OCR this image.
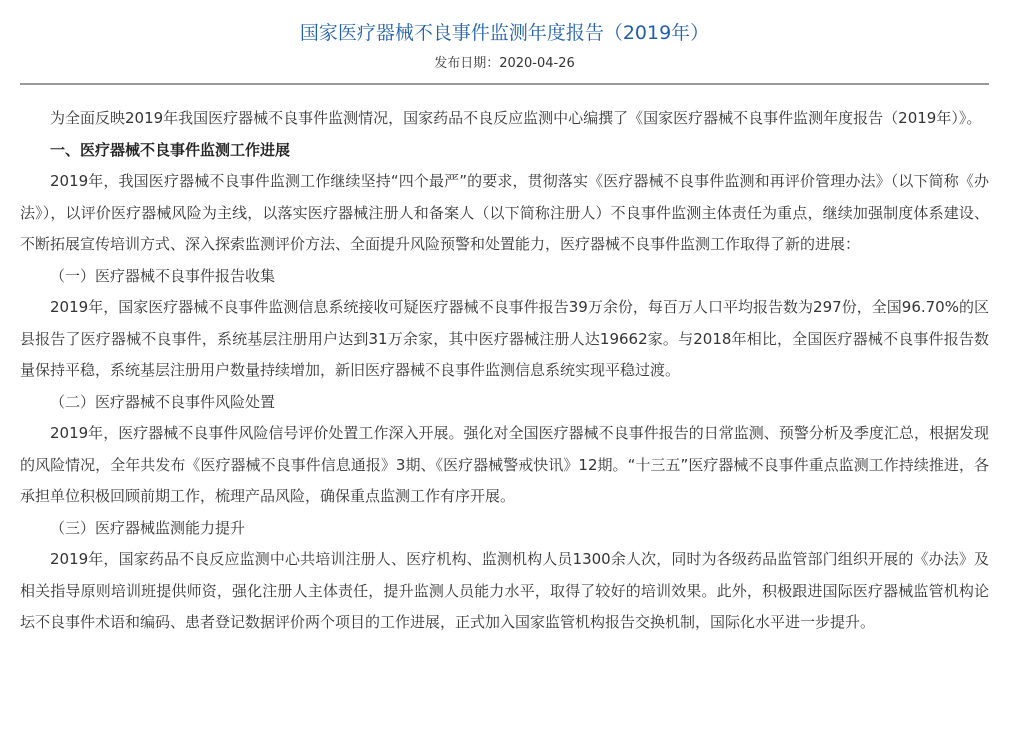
国家医疗器械不良事件监测年度报告（2019年）
发布日期：2020-04-26

为全面反映2019年我国医疗器械不良事件监测情况，国家药品不良反应监测中心编撰了《国家医疗器械不良事件监测年度报告（2019年）》。

一、医疗器械不良事件监测工作进展

2019年，我国医疗器械不良事件监测工作继续坚持“四个最严”的要求，贯彻落实《医疗器械不良事件监测和再评价管理办法》（以下简称《办法》），以评价医疗器械风险为主线，以落实医疗器械注册人和备案人（以下简称注册人）不良事件监测主体责任为重点，继续加强制度体系建设、不断拓展宣传培训方式、深入探索监测评价方法、全面提升风险预警和处置能力，医疗器械不良事件监测工作取得了新的进展：

（一）医疗器械不良事件报告收集

2019年，国家医疗器械不良事件监测信息系统接收可疑医疗器械不良事件报告39万余份，每百万人口平均报告数为297份，全国96.70%的区县报告了医疗器械不良事件，系统基层注册用户达到31万余家，其中医疗器械注册人达19662家。与2018年相比，全国医疗器械不良事件报告数量保持平稳，系统基层注册用户数量持续增加，新旧医疗器械不良事件监测信息系统实现平稳过渡。

（二）医疗器械不良事件风险处置

2019年，医疗器械不良事件风险信号评价处置工作深入开展。强化对全国医疗器械不良事件报告的日常监测、预警分析及季度汇总，根据发现的风险情况，全年共发布《医疗器械不良事件信息通报》3期、《医疗器械警戒快讯》12期。“十三五”医疗器械不良事件重点监测工作持续推进，各承担单位积极回顾前期工作，梳理产品风险，确保重点监测工作有序开展。

（三）医疗器械监测能力提升

2019年，国家药品不良反应监测中心共培训注册人、医疗机构、监测机构人员1300余人次，同时为各级药品监管部门组织开展的《办法》及相关指导原则培训班提供师资，强化注册人主体责任，提升监测人员能力水平，取得了较好的培训效果。此外，积极跟进国际医疗器械监管机构论坛不良事件术语和编码、患者登记数据评价两个项目的工作进展，正式加入国家监管机构报告交换机制，国际化水平进一步提升。
